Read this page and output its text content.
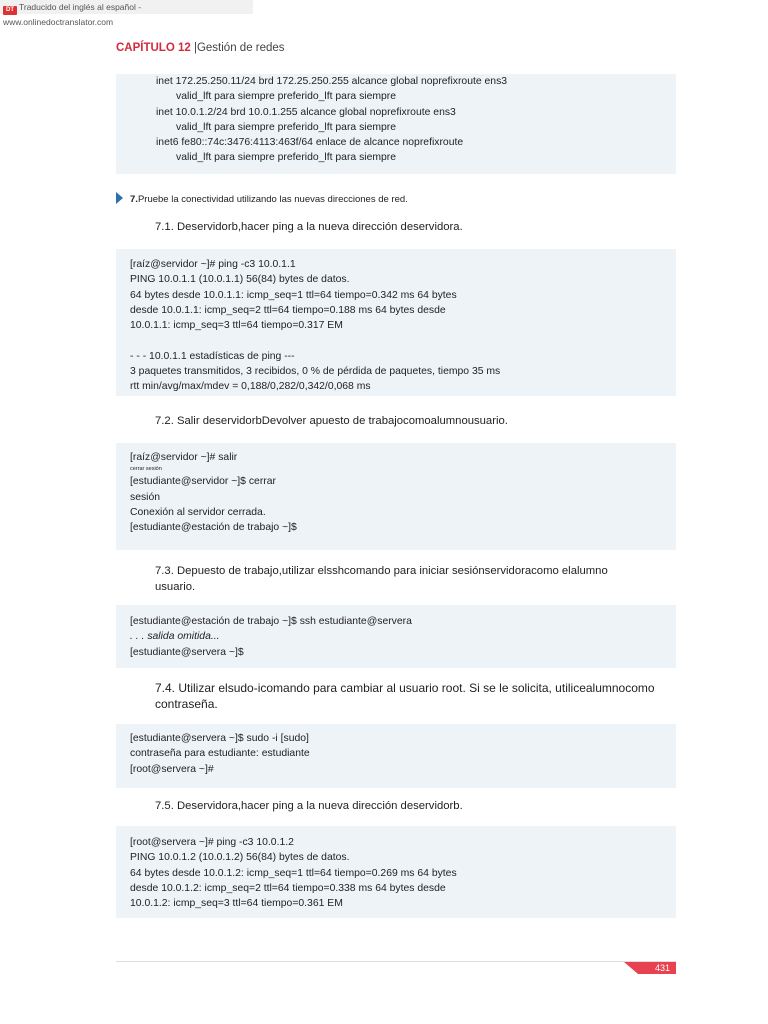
DT Traducido del inglés al español - www.onlinedoctranslator.com
CAPÍTULO 12 |Gestión de redes
inet 172.25.250.11/24 brd 172.25.250.255 alcance global noprefixroute ens3
valid_lft para siempre preferido_lft para siempre
inet 10.0.1.2/24 brd 10.0.1.255 alcance global noprefixroute ens3
valid_lft para siempre preferido_lft para siempre
inet6 fe80::74c:3476:4113:463f/64 enlace de alcance noprefixroute
valid_lft para siempre preferido_lft para siempre
7.Pruebe la conectividad utilizando las nuevas direcciones de red.
7.1. Deservidorb,hacer ping a la nueva dirección deservidora.
[raíz@servidor ~]# ping -c3 10.0.1.1
PING 10.0.1.1 (10.0.1.1) 56(84) bytes de datos.
64 bytes desde 10.0.1.1: icmp_seq=1 ttl=64 tiempo=0.342 ms 64 bytes
desde 10.0.1.1: icmp_seq=2 ttl=64 tiempo=0.188 ms 64 bytes desde
10.0.1.1: icmp_seq=3 ttl=64 tiempo=0.317 EM
- - - 10.0.1.1 estadísticas de ping ---
3 paquetes transmitidos, 3 recibidos, 0 % de pérdida de paquetes, tiempo 35 ms
rtt min/avg/max/mdev = 0,188/0,282/0,342/0,068 ms
7.2. Salir deservidorbDevolver apuesto de trabajocomoalumnousuario.
[raíz@servidor ~]# salir
cerrar sesión
[estudiante@servidor ~]$ cerrar
sesión
Conexión al servidor cerrada.
[estudiante@estación de trabajo ~]$
7.3. Depuesto de trabajo,utilizar elsshcomando para iniciar sesiónservidoracomo elalumno
usuario.
[estudiante@estación de trabajo ~]$ ssh estudiante@servera
. . . salida omitida...
[estudiante@servera ~]$
7.4. Utilizar elsudo-icomando para cambiar al usuario root. Si se le solicita, utilicealumnocomo
contraseña.
[estudiante@servera ~]$ sudo -i [sudo]
contraseña para estudiante: estudiante
[root@servera ~]#
7.5. Deservidora,hacer ping a la nueva dirección deservidorb.
[root@servera ~]# ping -c3 10.0.1.2
PING 10.0.1.2 (10.0.1.2) 56(84) bytes de datos.
64 bytes desde 10.0.1.2: icmp_seq=1 ttl=64 tiempo=0.269 ms 64 bytes
desde 10.0.1.2: icmp_seq=2 ttl=64 tiempo=0.338 ms 64 bytes desde
10.0.1.2: icmp_seq=3 ttl=64 tiempo=0.361 EM
431
